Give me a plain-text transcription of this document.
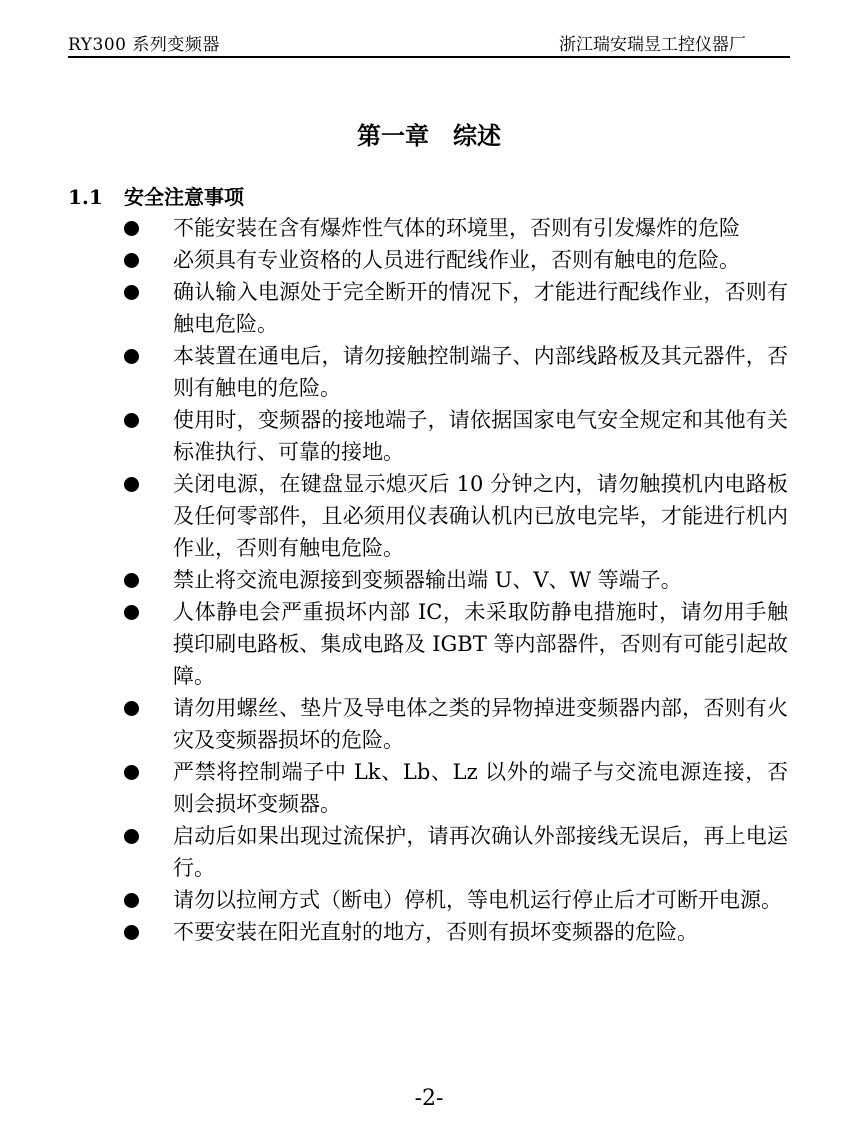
RY300 系列变频器	浙江瑞安瑞昱工控仪器厂
第一章　综述
1.1 安全注意事项
不能安装在含有爆炸性气体的环境里，否则有引发爆炸的危险
必须具有专业资格的人员进行配线作业，否则有触电的危险。
确认输入电源处于完全断开的情况下，才能进行配线作业，否则有触电危险。
本装置在通电后，请勿接触控制端子、内部线路板及其元器件，否则有触电的危险。
使用时，变频器的接地端子，请依据国家电气安全规定和其他有关标准执行、可靠的接地。
关闭电源，在键盘显示熄灭后 10 分钟之内，请勿触摸机内电路板及任何零部件，且必须用仪表确认机内已放电完毕，才能进行机内作业，否则有触电危险。
禁止将交流电源接到变频器输出端 U、V、W 等端子。
人体静电会严重损坏内部 IC，未采取防静电措施时，请勿用手触摸印刷电路板、集成电路及 IGBT 等内部器件，否则有可能引起故障。
请勿用螺丝、垫片及导电体之类的异物掉进变频器内部，否则有火灾及变频器损坏的危险。
严禁将控制端子中 Lk、Lb、Lz 以外的端子与交流电源连接，否则会损坏变频器。
启动后如果出现过流保护，请再次确认外部接线无误后，再上电运行。
请勿以拉闸方式（断电）停机，等电机运行停止后才可断开电源。
不要安装在阳光直射的地方，否则有损坏变频器的危险。
-2-
